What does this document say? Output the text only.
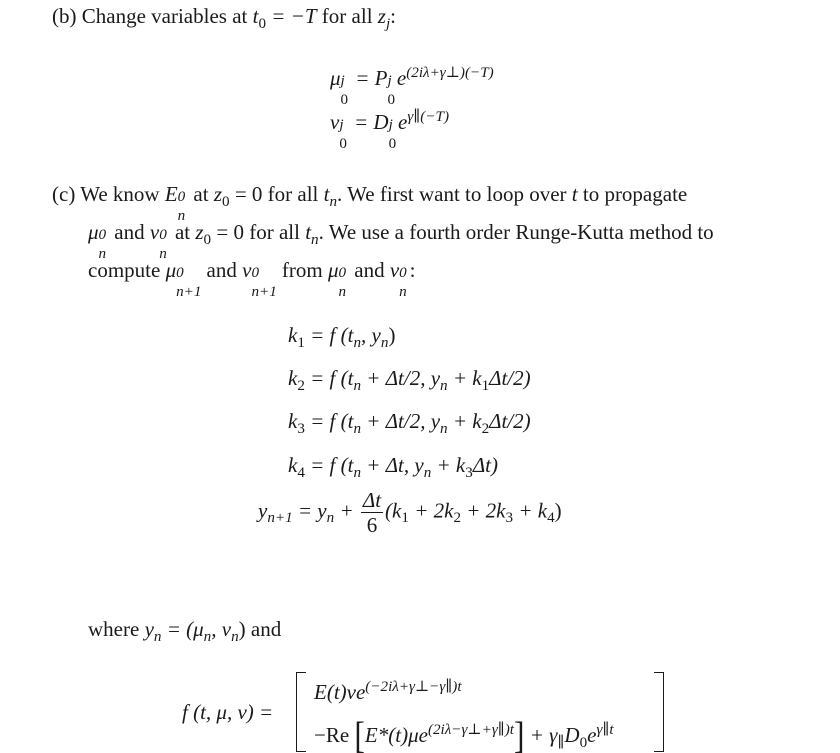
(b) Change variables at $t_0 = -T$ for all $z_j$:
μ j
0
= P j
0
$e^{(2i\lambda+\gamma\perp)(-T)}$
ν j
0
= D j
0
$e^{\gamma\parallel(-T)}$
(c) We know E 0
n
at $z_0 = 0$ for all $t_n$. We first want to loop over t to propagate
μ 0
n
and ν 0
n
at $z_0 = 0$ for all $t_n$. We use a fourth order Runge-Kutta method to
compute μ 0
n+1
and ν 0
n+1
from μ 0
n
and ν 0
n
:
$k_1 = f$ ($t_n$, $y_n$)
$k_2 = f$ ($t_n + \Delta t/2$, $y_n + k_1\Delta t/2$)
$k_3 = f$ ($t_n + \Delta t/2$, $y_n + k_2\Delta t/2$)
$k_4 = f$ ($t_n + \Delta t$, $y_n + k_3\Delta t$)
$y_{n+1} = y_n + \frac{\Delta t}{6} (k_1 + 2k_2 + 2k_3 + k_4)$
where $y_n = (\mu_n$, $\nu_n$) and
f (t, μ, ν) =
$E(t)\nu e^{(-2i\lambda+\gamma\perp-\gamma\parallel)t}$
−Re $[E*(t)\mu e^{(2i\lambda-\gamma\perp+\gamma\parallel)t}] + \gamma_\parallel D_0e^{\gamma\parallel t}$
